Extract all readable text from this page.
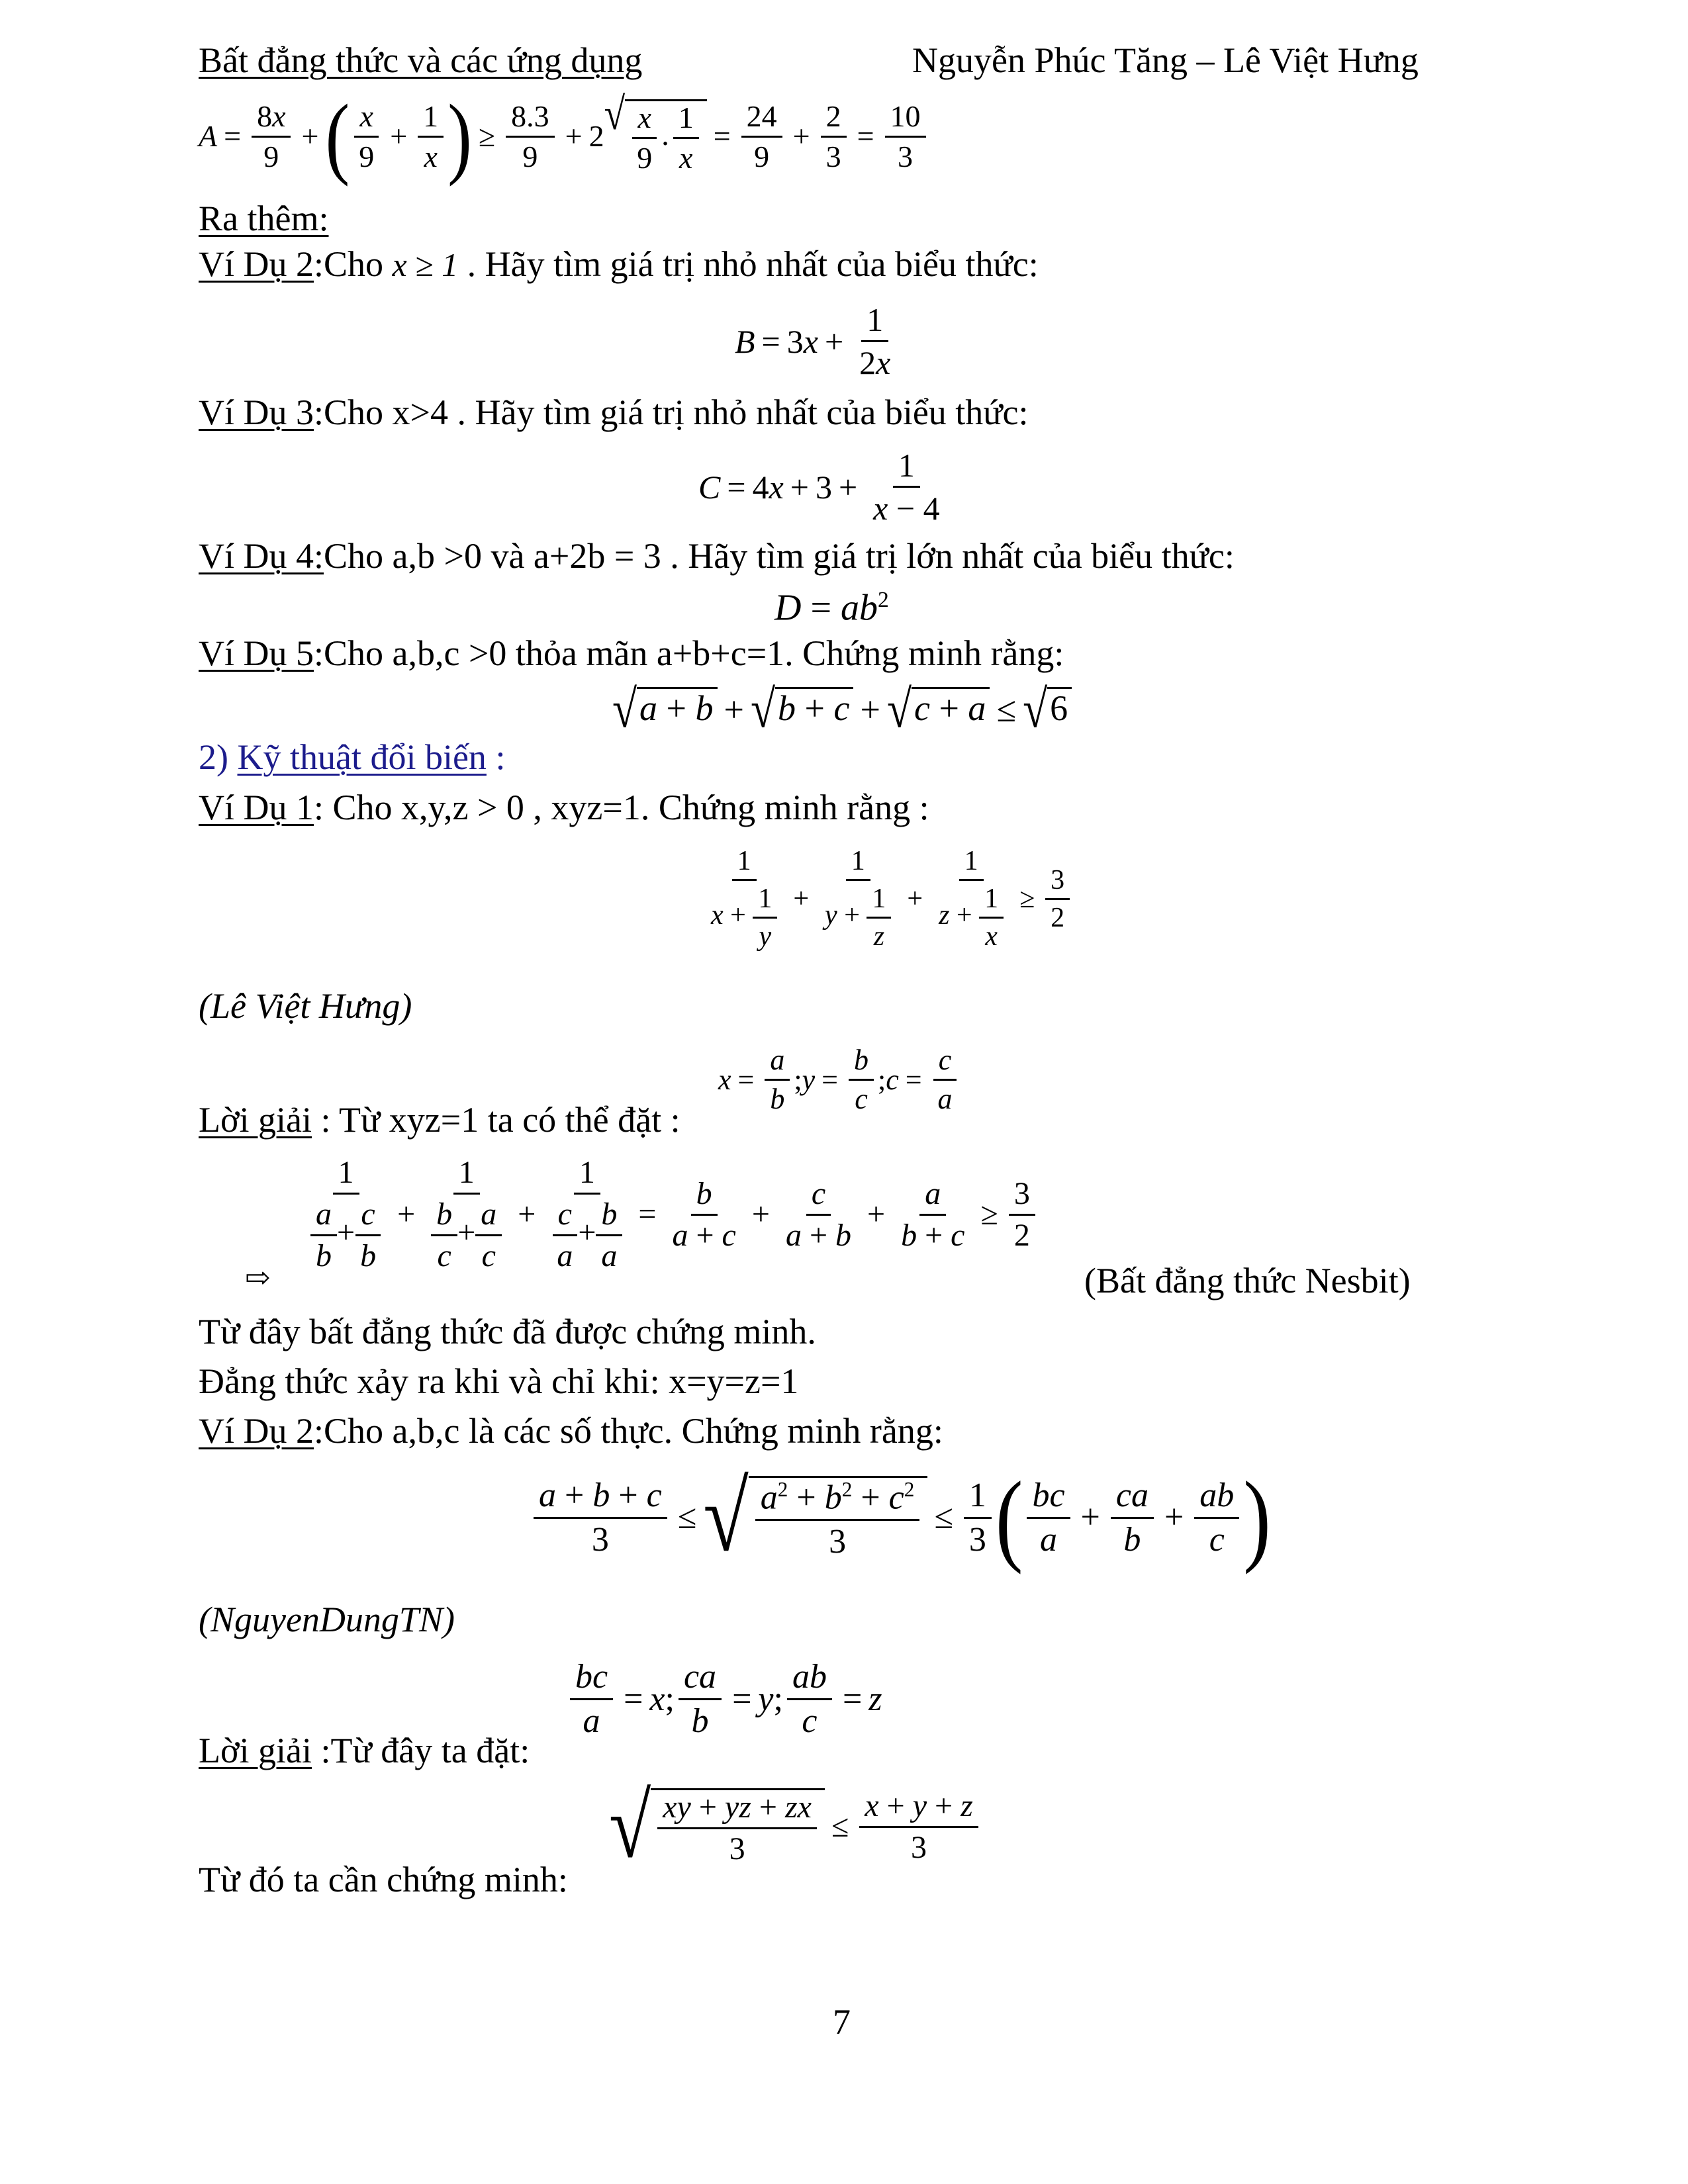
Bất đẳng thức và các ứng dụng	Nguyễn Phúc Tăng – Lê Việt Hưng
$A = \frac{8x}{9}$ + ( $\frac{x}{9} + \frac{1}{x}$ ) ≥ $\frac{8.3}{9} + 2$ √ $\frac{x}{9}$ . $\frac{1}{x} = \frac{24}{9} + \frac{2}{3} = \frac{10}{3}$
Ra thêm:
Ví Dụ 2:Cho x ≥ 1 . Hãy tìm giá trị nhỏ nhất của biểu thức:
B = 3 $x + \frac{1}{2x}$
Ví Dụ 3:Cho x>4 . Hãy tìm giá trị nhỏ nhất của biểu thức:
C = 4 $x + 3 + \frac{1}{x - 4}$
Ví Dụ 4:Cho a,b >0 và a+2b = 3 . Hãy tìm giá trị lớn nhất của biểu thức:
$D = ab^2$
Ví Dụ 5:Cho a,b,c >0 thỏa mãn a+b+c=1. Chứng minh rằng:
√ a + b + √ b + c + √ c + a ≤ √ 6
2) Kỹ thuật đổi biến :
Ví Dụ 1: Cho x,y,z > 0 , xyz=1. Chứng minh rằng :
$\frac{1}{x + \frac{1}{y}} + \frac{1}{y + \frac{1}{z}} + \frac{1}{z + \frac{1}{x}} \ge \frac{3}{2}$
(Lê Việt Hưng)
$x = \frac{a}{b}$ ; $y = \frac{b}{c}$ ; $c = \frac{c}{a}$
Lời giải : Từ xyz=1 ta có thể đặt :
$\frac{1}{\frac{a}{b} + \frac{c}{b}} + \frac{1}{\frac{b}{c} + \frac{a}{c}} + \frac{1}{\frac{c}{a} + \frac{b}{a}} = \frac{b}{a + c} + \frac{c}{a + b} + \frac{a}{b + c} \ge \frac{3}{2}$
⇨	(Bất đẳng thức Nesbit)
Từ đây bất đẳng thức đã được chứng minh.
Đẳng thức xảy ra khi và chỉ khi: x=y=z=1
Ví Dụ 2:Cho a,b,c là các số thực. Chứng minh rằng:
$\frac{a + b + c}{3}$ ≤ √ $\frac{a^2 + b^2 + c^2}{3} \le \frac{1}{3}$ ( $\frac{bc}{a} + \frac{ca}{b} + \frac{ab}{c}$ )
(NguyenDungTN)
$\frac{bc}{a} = x$ ; $\frac{ca}{b} = y$ ; $\frac{ab}{c} = z$
Lời giải :Từ đây ta đặt:
√ $\frac{xy + yz + zx}{3} \le \frac{x + y + z}{3}$
Từ đó ta cần chứng minh:
7
